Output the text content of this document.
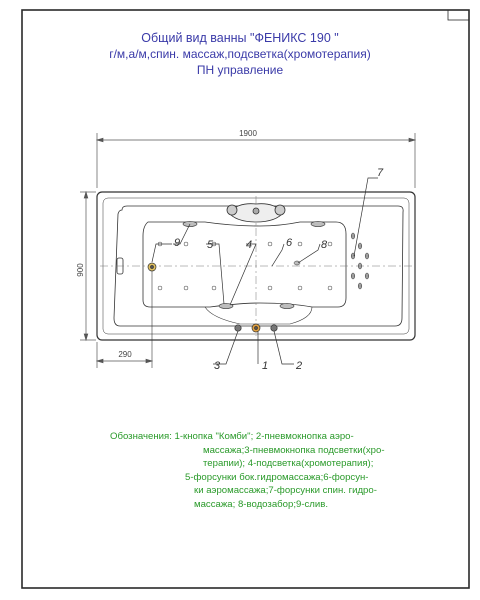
1900
900
290
1	2
3
4
5	6
7
8
9
Общий вид ванны "ФЕНИКС 190 "
г/м,а/м,спин. массаж,подсветка(хромотерапия)
ПН управление
Обозначения: 1-кнопка "Комби"; 2-пневмокнопка аэро-
массажа;3-пневмокнопка подсветки(хро-
терапии); 4-подсветка(хромотерапия);
5-форсунки бок.гидромассажа;6-форсун-
ки аэромассажа;7-форсунки спин. гидро-
массажа; 8-водозабор;9-слив.
